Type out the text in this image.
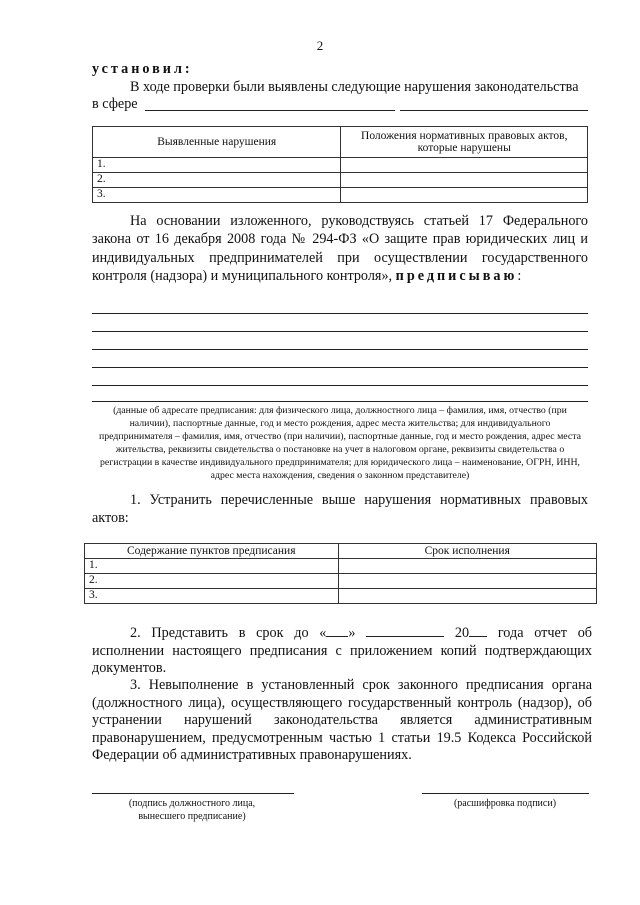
2
установил:
В ходе проверки были выявлены следующие нарушения законодательства
в сфере
Выявленные нарушения	Положения нормативных правовых актов, которые нарушены
1.	
2.	
3.	
На основании изложенного, руководствуясь статьей 17 Федерального закона от 16 декабря 2008 года № 294-ФЗ «О защите прав юридических лиц и индивидуальных предпринимателей при осуществлении государственного контроля (надзора) и муниципального контроля», предписываю:
(данные об адресате предписания: для физического лица, должностного лица – фамилия, имя, отчество (при наличии), паспортные данные, год и место рождения, адрес места жительства; для индивидуального предпринимателя – фамилия, имя, отчество (при наличии), паспортные данные, год и место рождения, адрес места жительства, реквизиты свидетельства о постановке на учет в налоговом органе, реквизиты свидетельства о регистрации в качестве индивидуального предпринимателя; для юридического лица – наименование, ОГРН, ИНН, адрес места нахождения, сведения о законном представителе)
1. Устранить перечисленные выше нарушения нормативных правовых актов:
Содержание пунктов предписания	Срок исполнения
1.	
2.	
3.	
2. Представить в срок до « »	20 года отчет об исполнении настоящего предписания с приложением копий подтверждающих документов.
3. Невыполнение в установленный срок законного предписания органа (должностного лица), осуществляющего государственный контроль (надзор), об устранении нарушений законодательства является административным правонарушением, предусмотренным частью 1 статьи 19.5 Кодекса Российской Федерации об административных правонарушениях.
(подпись должностного лица, вынесшего предписание)
(расшифровка подписи)
